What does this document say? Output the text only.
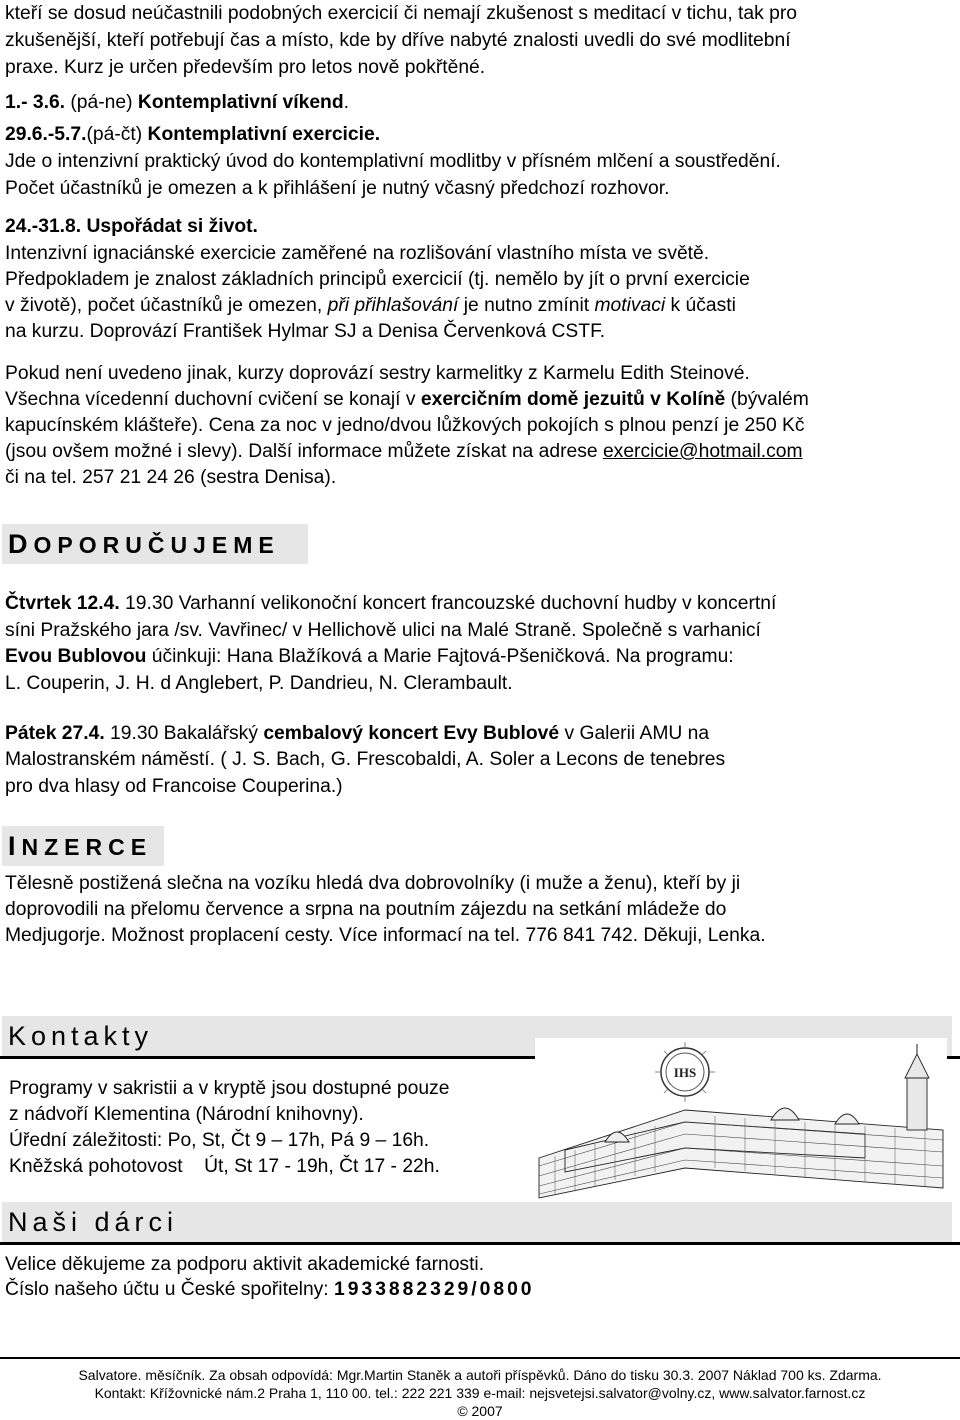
kteří se dosud neúčastnili podobných exercicií či nemají zkušenost s meditací v tichu, tak pro

zkušenější, kteří potřebují čas a místo, kde by dříve nabyté znalosti uvedli do své modlitební

praxe. Kurz je určen především pro letos nově pokřtěné.

1.- 3.6. (pá-ne) Kontemplativní víkend.

29.6.-5.7.(pá-čt) Kontemplativní exercicie.

Jde o intenzivní praktický úvod do kontemplativní modlitby v přísném mlčení a soustředění.

Počet účastníků je omezen a k přihlášení je nutný včasný předchozí rozhovor.

24.-31.8. Uspořádat si život.

Intenzivní ignaciánské exercicie zaměřené na rozlišování vlastního místa ve světě.

Předpokladem je znalost základních principů exercicií (tj. nemělo by jít o první exercicie

v životě), počet účastníků je omezen, při přihlašování je nutno zmínit motivaci k účasti

na kurzu. Doprovází František Hylmar SJ a Denisa Červenková CSTF.

Pokud není uvedeno jinak, kurzy doprovází sestry karmelitky z Karmelu Edith Steinové.

Všechna vícedenní duchovní cvičení se konají v exercičním domě jezuitů v Kolíně (bývalém

kapucínském klášteře). Cena za noc v jedno/dvou lůžkových pokojích s plnou penzí je 250 Kč

(jsou ovšem možné i slevy). Další informace můžete získat na adrese exercicie@hotmail.com

či na tel. 257 21 24 26 (sestra Denisa).

DOPORUČUJEME

Čtvrtek 12.4. 19.30 Varhanní velikonoční koncert francouzské duchovní hudby v koncertní

síni Pražského jara /sv. Vavřinec/ v Hellichově ulici na Malé Straně. Společně s varhanicí

Evou Bublovou účinkuji: Hana Blažíková a Marie Fajtová-Pšeničková. Na programu:

L. Couperin, J. H. d Anglebert, P. Dandrieu, N. Clerambault.

Pátek 27.4. 19.30 Bakalářský cembalový koncert Evy Bublové v Galerii AMU na

Malostranském náměstí. ( J. S. Bach, G. Frescobaldi, A. Soler a Lecons de tenebres

pro dva hlasy od Francoise Couperina.)

INZERCE

Tělesně postižená slečna na vozíku hledá dva dobrovolníky (i muže a ženu), kteří by ji

doprovodili na přelomu července a srpna na poutním zájezdu na setkání mládeže do

Medjugorje. Možnost proplacení cesty. Více informací na tel. 776 841 742. Děkuji, Lenka.

Kontakty
Programy v sakristii a v kryptě jsou dostupné pouze
z nádvoří Klementina (Národní knihovny).
Úřední záležitosti: Po, St, Čt 9 – 17h, Pá 9 – 16h.
Kněžská pohotovost    Út, St 17 - 19h, Čt 17 - 22h.
IHS
Naši dárci
Velice děkujeme za podporu aktivit akademické farnosti.
Číslo našeho účtu u České spořitelny: 1933882329/0800
Salvatore. měsíčník. Za obsah odpovídá: Mgr.Martin Staněk a autoři příspěvků. Dáno do tisku 30.3. 2007 Náklad 700 ks. Zdarma.
Kontakt: Křížovnické nám.2 Praha 1, 110 00. tel.: 222 221 339 e-mail: nejsvetejsi.salvator@volny.cz, www.salvator.farnost.cz
© 2007
